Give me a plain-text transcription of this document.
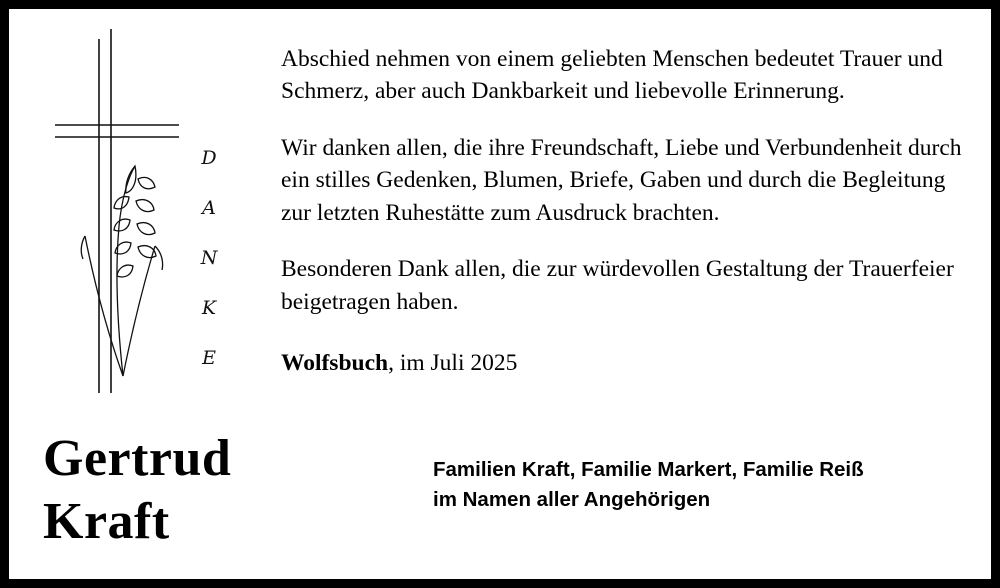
D
A
N
K
E
Gertrud
Kraft

Abschied nehmen von einem geliebten Menschen bedeutet Trauer und Schmerz, aber auch Dankbarkeit und liebevolle Erinnerung.

Wir danken allen, die ihre Freundschaft, Liebe und Verbundenheit durch ein stilles Gedenken, Blumen, Briefe, Gaben und durch die Begleitung zur letzten Ruhestätte zum Ausdruck brachten.

Besonderen Dank allen, die zur würdevollen Gestaltung der Trauerfeier beigetragen haben.

Wolfsbuch, im Juli 2025
Familien Kraft, Familie Markert, Familie Reiß
im Namen aller Angehörigen
